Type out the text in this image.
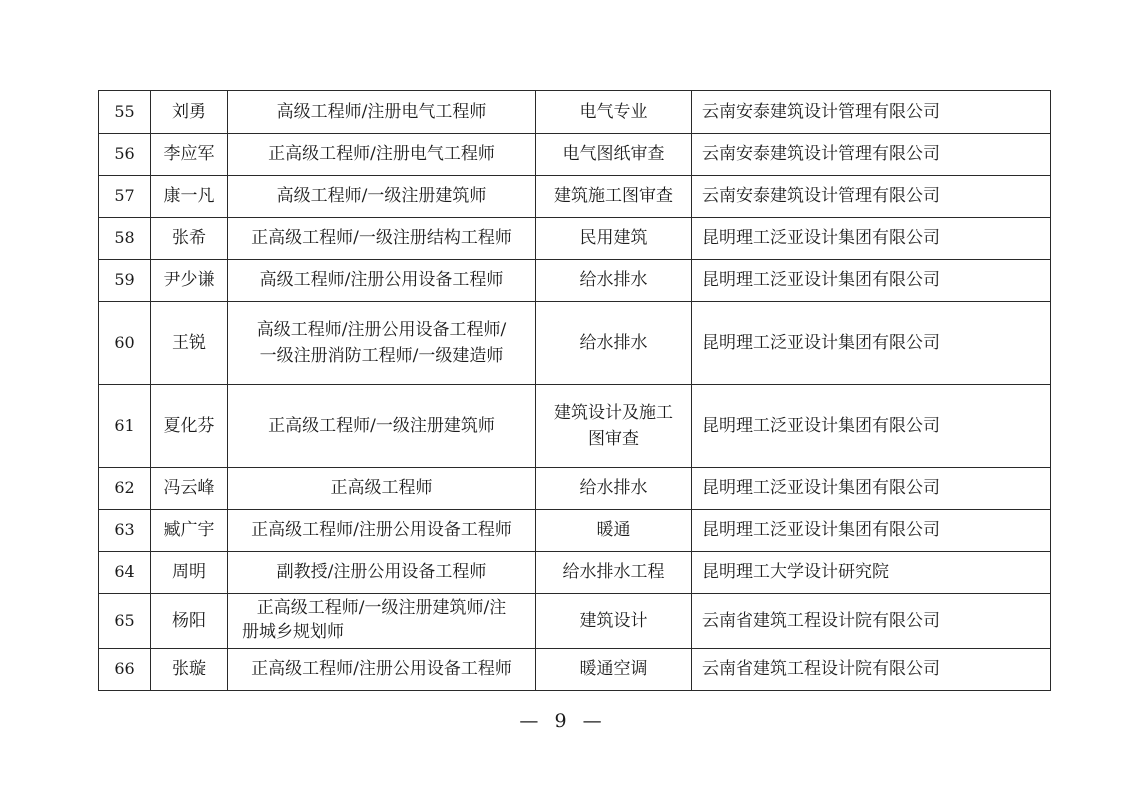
55	刘勇	高级工程师/注册电气工程师	电气专业	云南安泰建筑设计管理有限公司
56	李应军	正高级工程师/注册电气工程师	电气图纸审查	云南安泰建筑设计管理有限公司
57	康一凡	高级工程师/一级注册建筑师	建筑施工图审查	云南安泰建筑设计管理有限公司
58	张希	正高级工程师/一级注册结构工程师	民用建筑	昆明理工泛亚设计集团有限公司
59	尹少谦	高级工程师/注册公用设备工程师	给水排水	昆明理工泛亚设计集团有限公司
60	王锐	高级工程师/注册公用设备工程师/
一级注册消防工程师/一级建造师	给水排水	昆明理工泛亚设计集团有限公司
61	夏化芬	正高级工程师/一级注册建筑师	建筑设计及施工
图审查	昆明理工泛亚设计集团有限公司
62	冯云峰	正高级工程师	给水排水	昆明理工泛亚设计集团有限公司
63	臧广宇	正高级工程师/注册公用设备工程师	暖通	昆明理工泛亚设计集团有限公司
64	周明	副教授/注册公用设备工程师	给水排水工程	昆明理工大学设计研究院
65	杨阳	正高级工程师/一级注册建筑师/注
册城乡规划师	建筑设计	云南省建筑工程设计院有限公司
66	张璇	正高级工程师/注册公用设备工程师	暖通空调	云南省建筑工程设计院有限公司
— 9 —
